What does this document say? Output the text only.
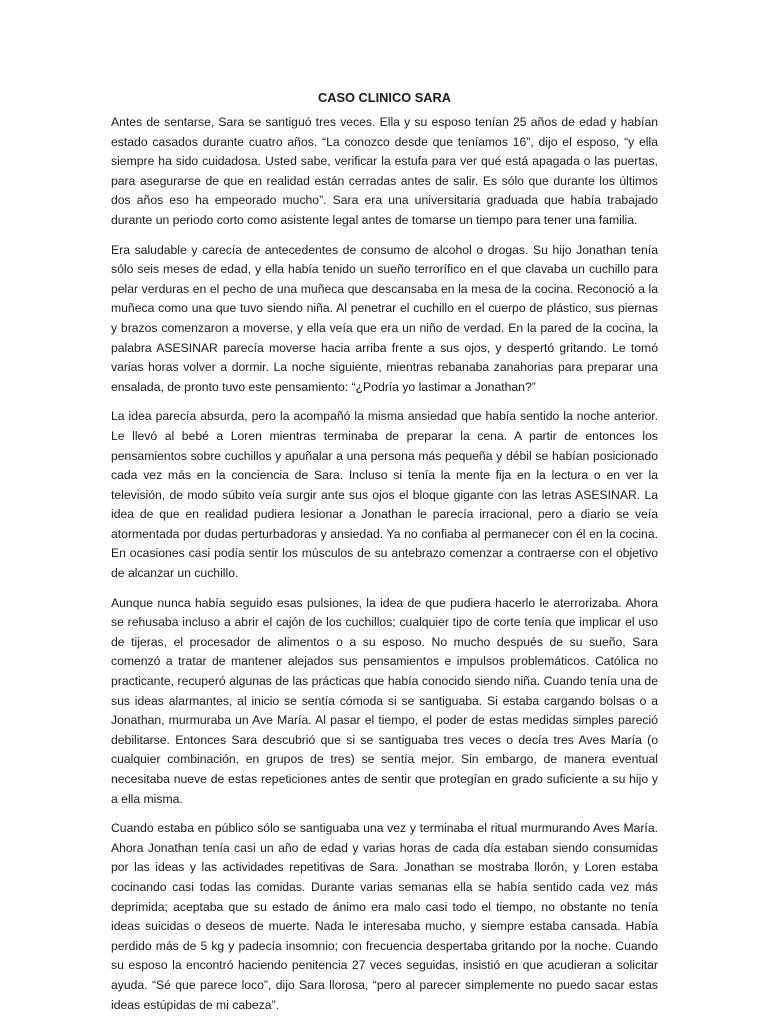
CASO CLINICO SARA

Antes de sentarse, Sara se santiguó tres veces. Ella y su esposo tenían 25 años de edad y habían estado casados durante cuatro años. “La conozco desde que teníamos 16”, dijo el esposo, “y ella siempre ha sido cuidadosa. Usted sabe, verificar la estufa para ver qué está apagada o las puertas, para asegurarse de que en realidad están cerradas antes de salir. Es sólo que durante los últimos dos años eso ha empeorado mucho”. Sara era una universitaria graduada que había trabajado durante un periodo corto como asistente legal antes de tomarse un tiempo para tener una familia.

Era saludable y carecía de antecedentes de consumo de alcohol o drogas. Su hijo Jonathan tenía sólo seis meses de edad, y ella había tenido un sueño terrorífico en el que clavaba un cuchillo para pelar verduras en el pecho de una muñeca que descansaba en la mesa de la cocina. Reconoció a la muñeca como una que tuvo siendo niña. Al penetrar el cuchillo en el cuerpo de plástico, sus piernas y brazos comenzaron a moverse, y ella veía que era un niño de verdad. En la pared de la cocina, la palabra ASESINAR parecía moverse hacia arriba frente a sus ojos, y despertó gritando. Le tomó varias horas volver a dormir. La noche siguiente, mientras rebanaba zanahorias para preparar una ensalada, de pronto tuvo este pensamiento: “¿Podría yo lastimar a Jonathan?”

La idea parecía absurda, pero la acompañó la misma ansiedad que había sentido la noche anterior. Le llevó al bebé a Loren mientras terminaba de preparar la cena. A partir de entonces los pensamientos sobre cuchillos y apuñalar a una persona más pequeña y débil se habían posicionado cada vez más en la conciencia de Sara. Incluso si tenía la mente fija en la lectura o en ver la televisión, de modo súbito veía surgir ante sus ojos el bloque gigante con las letras ASESINAR. La idea de que en realidad pudiera lesionar a Jonathan le parecía irracional, pero a diario se veía atormentada por dudas perturbadoras y ansiedad. Ya no confiaba al permanecer con él en la cocina. En ocasiones casi podía sentir los músculos de su antebrazo comenzar a contraerse con el objetivo de alcanzar un cuchillo.

Aunque nunca había seguido esas pulsiones, la idea de que pudiera hacerlo le aterrorizaba. Ahora se rehusaba incluso a abrir el cajón de los cuchillos; cualquier tipo de corte tenía que implicar el uso de tijeras, el procesador de alimentos o a su esposo. No mucho después de su sueño, Sara comenzó a tratar de mantener alejados sus pensamientos e impulsos problemáticos. Católica no practicante, recuperó algunas de las prácticas que había conocido siendo niña. Cuando tenía una de sus ideas alarmantes, al inicio se sentía cómoda si se santiguaba. Si estaba cargando bolsas o a Jonathan, murmuraba un Ave María. Al pasar el tiempo, el poder de estas medidas simples pareció debilitarse. Entonces Sara descubrió que si se santiguaba tres veces o decía tres Aves María (o cualquier combinación, en grupos de tres) se sentía mejor. Sin embargo, de manera eventual necesitaba nueve de estas repeticiones antes de sentir que protegían en grado suficiente a su hijo y a ella misma.

Cuando estaba en público sólo se santiguaba una vez y terminaba el ritual murmurando Aves María. Ahora Jonathan tenía casi un año de edad y varias horas de cada día estaban siendo consumidas por las ideas y las actividades repetitivas de Sara. Jonathan se mostraba llorón, y Loren estaba cocinando casi todas las comidas. Durante varias semanas ella se había sentido cada vez más deprimida; aceptaba que su estado de ánimo era malo casi todo el tiempo, no obstante no tenía ideas suicidas o deseos de muerte. Nada le interesaba mucho, y siempre estaba cansada. Había perdido más de 5 kg y padecía insomnio; con frecuencia despertaba gritando por la noche. Cuando su esposo la encontró haciendo penitencia 27 veces seguidas, insistió en que acudieran a solicitar ayuda. “Sé que parece loco”, dijo Sara llorosa, “pero al parecer simplemente no puedo sacar estas ideas estúpidas de mi cabeza”.
